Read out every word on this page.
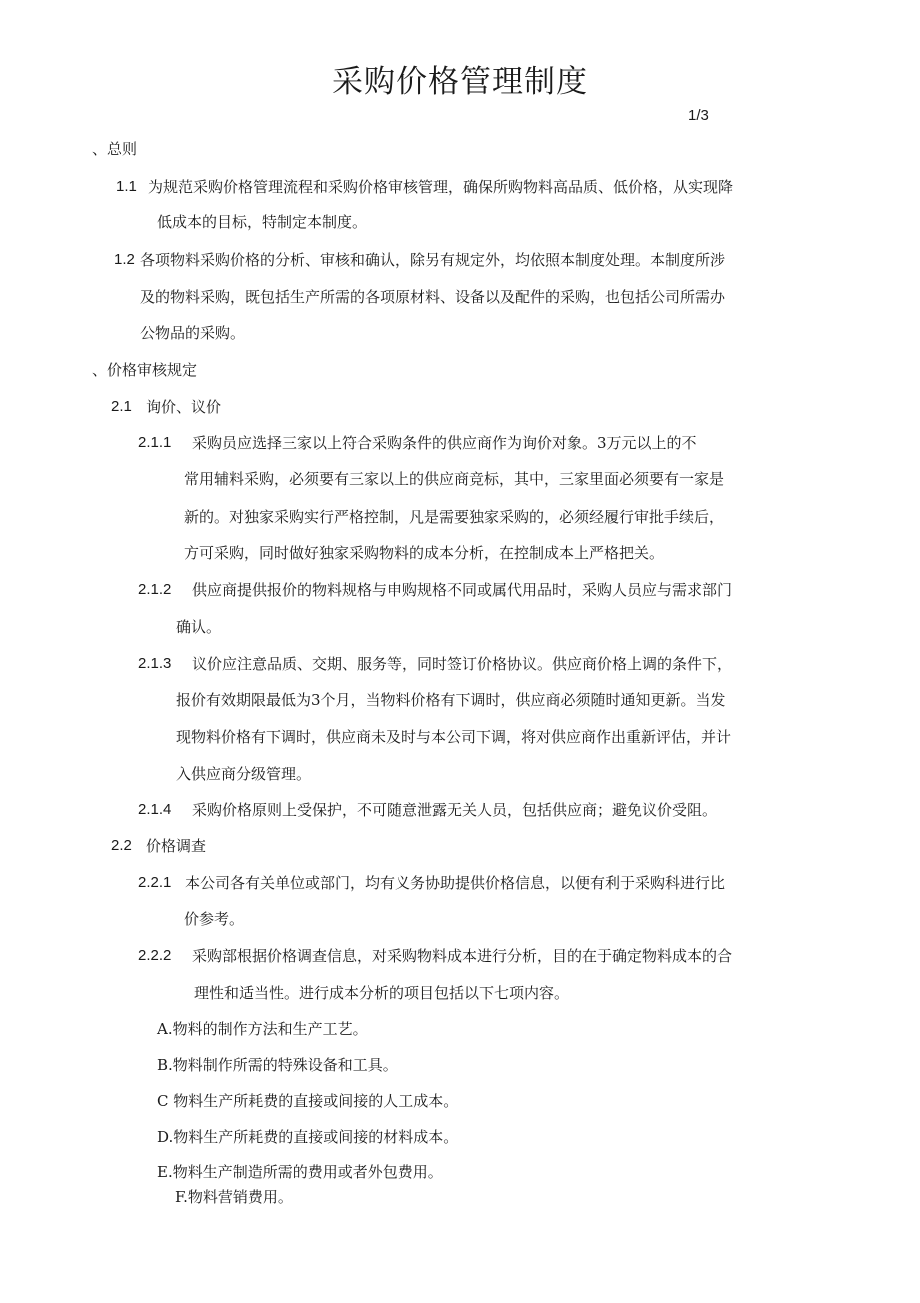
采购价格管理制度
1/3
、总则
1.1 为规范采购价格管理流程和采购价格审核管理，确保所购物料高品质、低价格，从实现降
低成本的目标，特制定本制度。
1.2 各项物料采购价格的分析、审核和确认，除另有规定外，均依照本制度处理。本制度所涉
及的物料采购，既包括生产所需的各项原材料、设备以及配件的采购，也包括公司所需办
公物品的采购。
、价格审核规定
2.1 询价、议价
2.1.1 采购员应选择三家以上符合采购条件的供应商作为询价对象。3万元以上的不
常用辅料采购，必须要有三家以上的供应商竞标，其中，三家里面必须要有一家是
新的。对独家采购实行严格控制，凡是需要独家采购的，必须经履行审批手续后，
方可采购，同时做好独家采购物料的成本分析，在控制成本上严格把关。
2.1.2 供应商提供报价的物料规格与申购规格不同或属代用品时，采购人员应与需求部门
确认。
2.1.3 议价应注意品质、交期、服务等，同时签订价格协议。供应商价格上调的条件下，
报价有效期限最低为3个月，当物料价格有下调时，供应商必须随时通知更新。当发
现物料价格有下调时，供应商未及时与本公司下调，将对供应商作出重新评估，并计
入供应商分级管理。
2.1.4 采购价格原则上受保护，不可随意泄露无关人员，包括供应商；避免议价受阻。
2.2 价格调查
2.2.1 本公司各有关单位或部门，均有义务协助提供价格信息，以便有利于采购科进行比
价参考。
2.2.2 采购部根据价格调查信息，对采购物料成本进行分析，目的在于确定物料成本的合
理性和适当性。进行成本分析的项目包括以下七项内容。
A.物料的制作方法和生产工艺。
B.物料制作所需的特殊设备和工具。
C 物料生产所耗费的直接或间接的人工成本。
D.物料生产所耗费的直接或间接的材料成本。
E.物料生产制造所需的费用或者外包费用。
F.物料营销费用。
